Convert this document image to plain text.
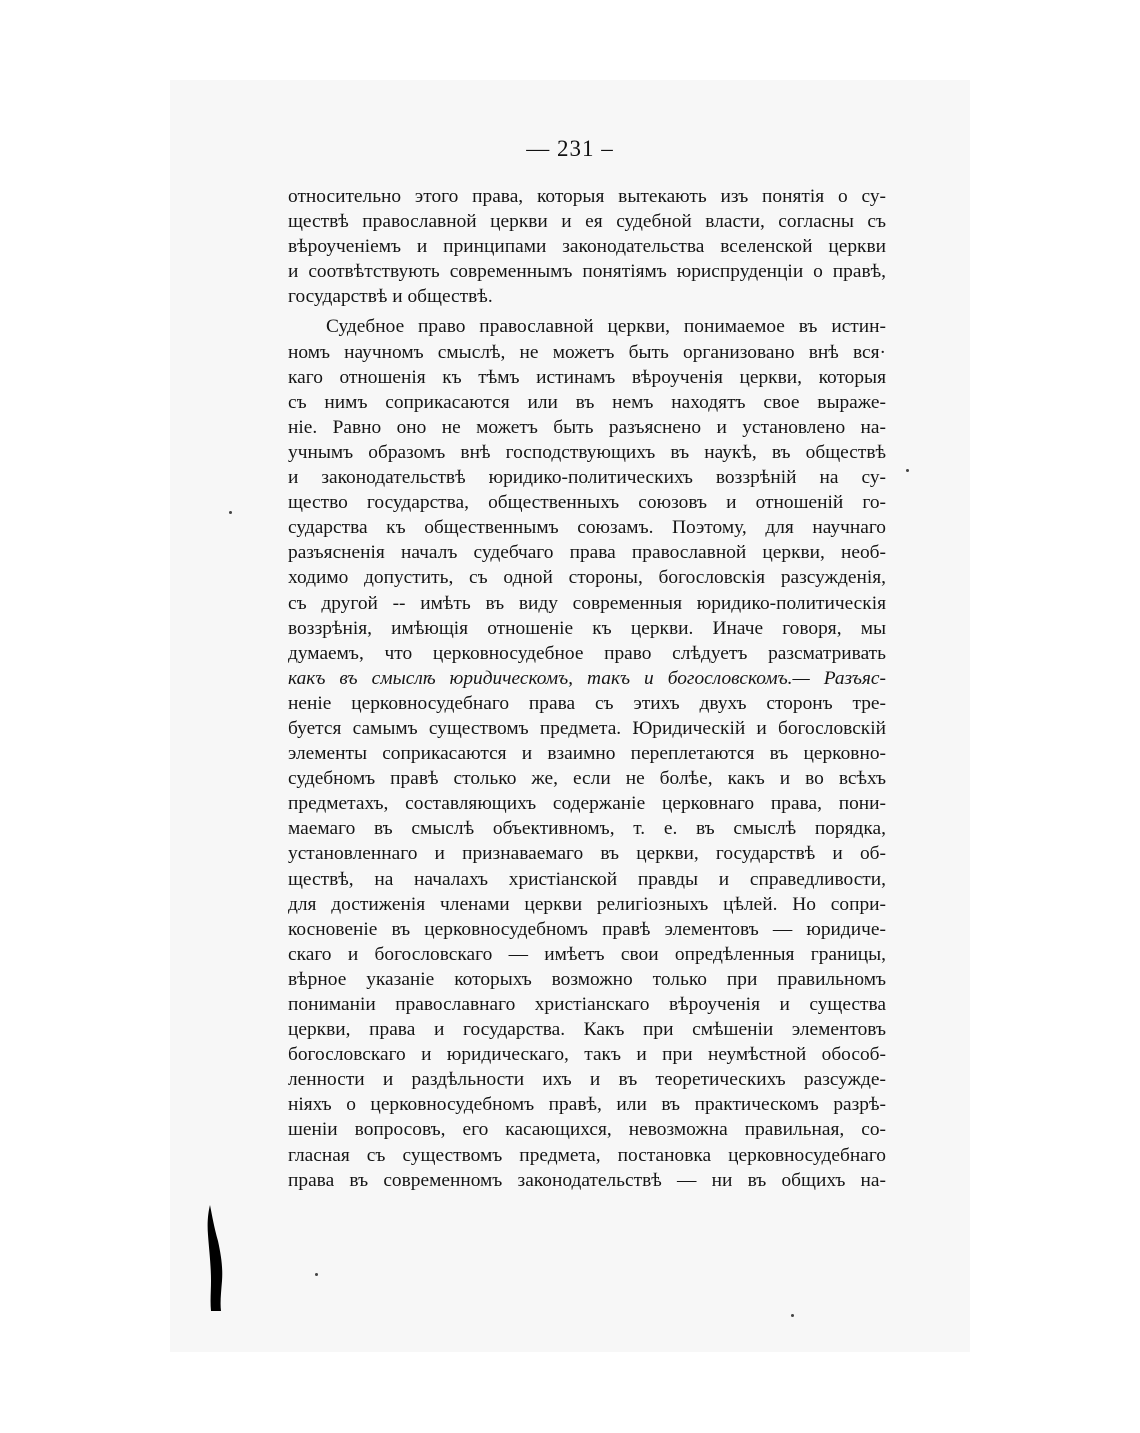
— 231 –
относительно этого права, которыя вытекають изъ понятія о су-
ществѣ православной церкви и ея судебной власти, согласны съ
вѣроученіемъ и принципами законодательства вселенской церкви
и соотвѣтствують современнымъ понятіямъ юриспруденціи о правѣ,
государствѣ и обществѣ.
Судебное право православной церкви, понимаемое въ истин-
номъ научномъ смыслѣ, не можетъ быть организовано внѣ вся·
каго отношенія къ тѣмъ истинамъ вѣроученія церкви, которыя
съ нимъ соприкасаются или въ немъ находятъ свое выраже-
ніе. Равно оно не можетъ быть разъяснено и установлено на-
учнымъ образомъ внѣ господствующихъ въ наукѣ, въ обществѣ
и законодательствѣ юридико-политическихъ воззрѣній на су-
щество государства, общественныхъ союзовъ и отношеній го-
сударства къ общественнымъ союзамъ. Поэтому, для научнаго
разъясненія началъ судебчаго права православной церкви, необ-
ходимо допустить, съ одной стороны, богословскія разсужденія,
съ другой -- имѣть въ виду современныя юридико-политическія
воззрѣнія, имѣющія отношеніе къ церкви. Иначе говоря, мы
думаемъ, что церковносудебное право слѣдуетъ разсматривать
какъ въ смыслѣ юридическомъ, такъ и богословскомъ.— Разъяс-
неніе церковносудебнаго права съ этихъ двухъ сторонъ тре-
буется самымъ существомъ предмета. Юридическій и богословскій
элементы соприкасаются и взаимно переплетаются въ церковно-
судебномъ правѣ столько же, если не болѣе, какъ и во всѣхъ
предметахъ, составляющихъ содержаніе церковнаго права, пони-
маемаго въ смыслѣ объективномъ, т. е. въ смыслѣ порядка,
установленнаго и признаваемаго въ церкви, государствѣ и об-
ществѣ, на началахъ христіанской правды и справедливости,
для достиженія членами церкви религіозныхъ цѣлей. Но сопри-
косновеніе въ церковносудебномъ правѣ элементовъ — юридиче-
скаго и богословскаго — имѣетъ свои опредѣленныя границы,
вѣрное указаніе которыхъ возможно только при правильномъ
пониманіи православнаго христіанскаго вѣроученія и существа
церкви, права и государства. Какъ при смѣшеніи элементовъ
богословскаго и юридическаго, такъ и при неумѣстной обособ-
ленности и раздѣльности ихъ и въ теоретическихъ разсужде-
ніяхъ о церковносудебномъ правѣ, или въ практическомъ разрѣ-
шеніи вопросовъ, его касающихся, невозможна правильная, со-
гласная съ существомъ предмета, постановка церковносудебнаго
права въ современномъ законодательствѣ — ни въ общихъ на-
